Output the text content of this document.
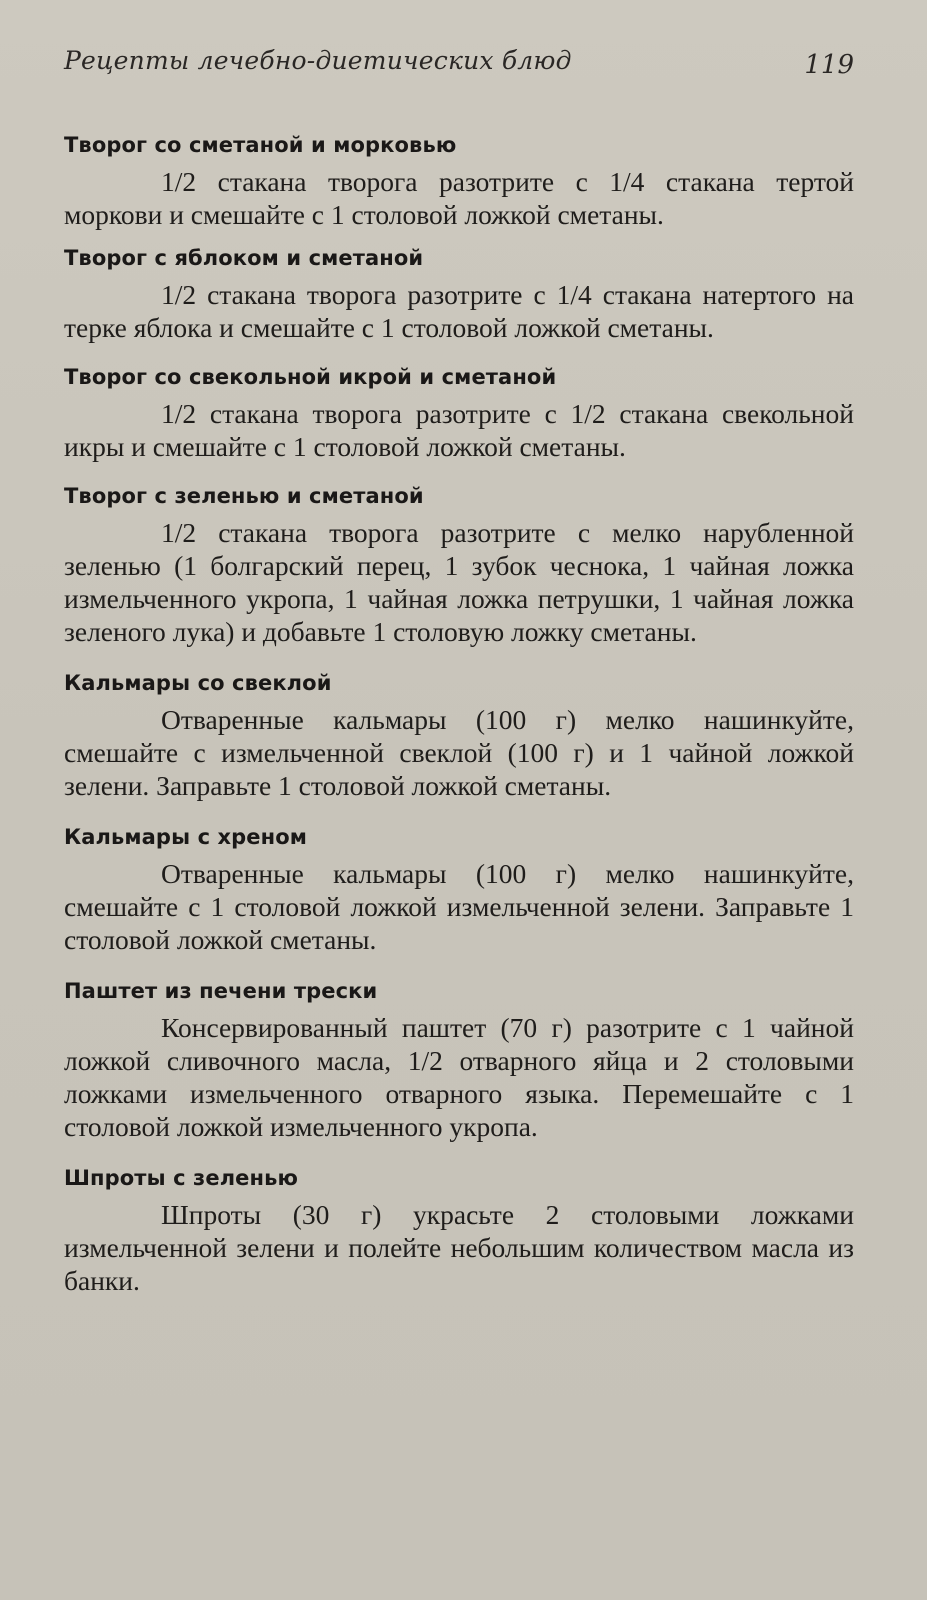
Рецепты лечебно-диетических блюд	119
Творог со сметаной и морковью

1/2 стакана творога разотрите с 1/4 стакана тертой моркови и смешайте с 1 столовой ложкой сметаны.

Творог с яблоком и сметаной

1/2 стакана творога разотрите с 1/4 стакана натертого на терке яблока и смешайте с 1 столовой ложкой сметаны.

Творог со свекольной икрой и сметаной

1/2 стакана творога разотрите с 1/2 стакана свекольной икры и смешайте с 1 столовой ложкой сметаны.

Творог с зеленью и сметаной

1/2 стакана творога разотрите с мелко нарубленной зеленью (1 болгарский перец, 1 зубок чеснока, 1 чайная ложка измельченного укропа, 1 чайная ложка петрушки, 1 чайная ложка зеленого лука) и добавьте 1 столовую ложку сметаны.

Кальмары со свеклой

Отваренные кальмары (100 г) мелко нашинкуйте, смешайте с измельченной свеклой (100 г) и 1 чайной ложкой зелени. Заправьте 1 столовой ложкой сметаны.

Кальмары с хреном

Отваренные кальмары (100 г) мелко нашинкуйте, смешайте с 1 столовой ложкой измельченной зелени. Заправьте 1 столовой ложкой сметаны.

Паштет из печени трески

Консервированный паштет (70 г) разотрите с 1 чайной ложкой сливочного масла, 1/2 отварного яйца и 2 столовыми ложками измельченного отварного языка. Перемешайте с 1 столовой ложкой измельченного укропа.

Шпроты с зеленью

Шпроты (30 г) украсьте 2 столовыми ложками измельченной зелени и полейте небольшим количеством масла из банки.
